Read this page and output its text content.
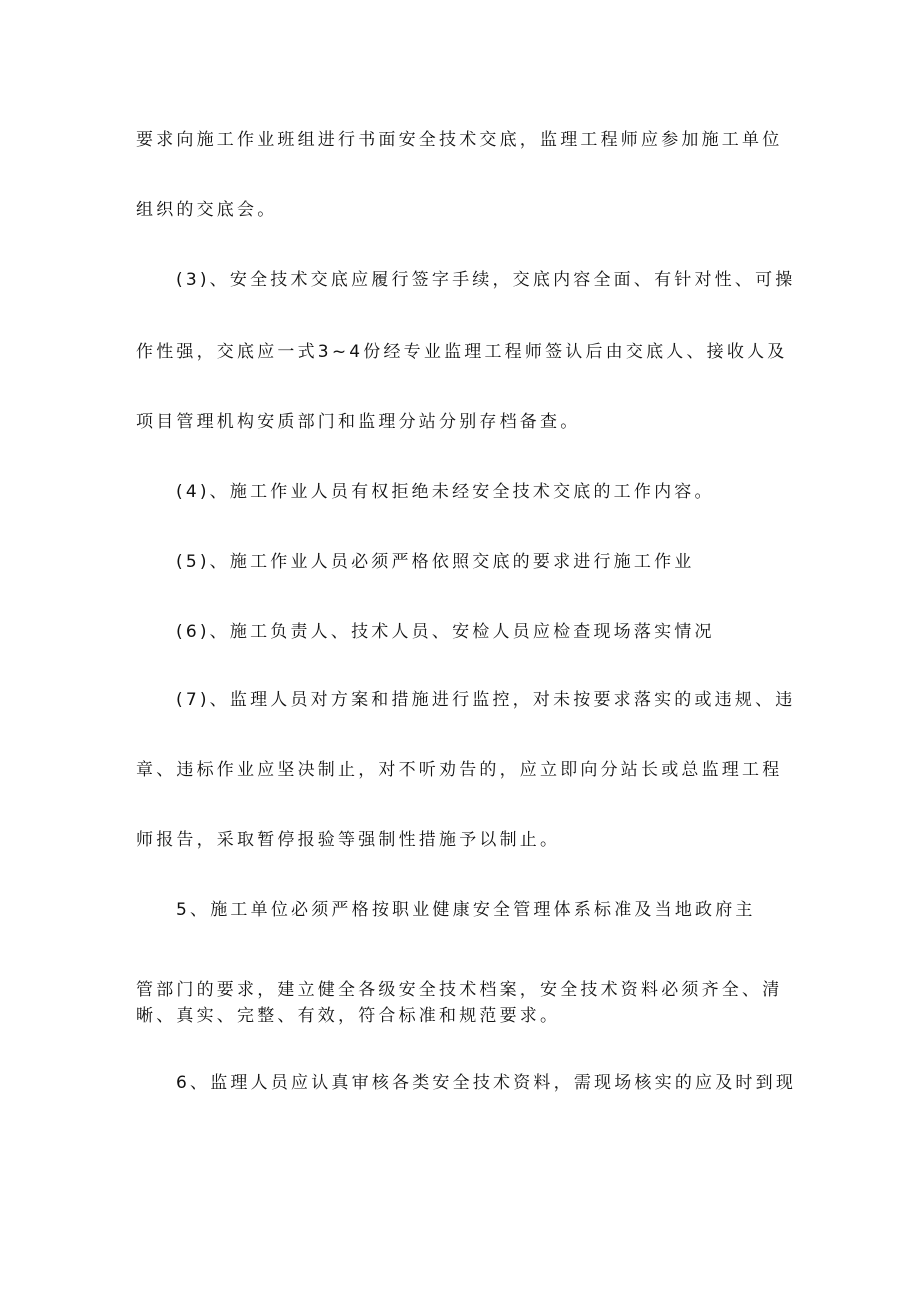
要求向施工作业班组进行书面安全技术交底，监理工程师应参加施工单位
组织的交底会。
(3)、安全技术交底应履行签字手续，交底内容全面、有针对性、可操
作性强，交底应一式3~4份经专业监理工程师签认后由交底人、接收人及
项目管理机构安质部门和监理分站分别存档备查。
(4)、施工作业人员有权拒绝未经安全技术交底的工作内容。
(5)、施工作业人员必须严格依照交底的要求进行施工作业
(6)、施工负责人、技术人员、安检人员应检查现场落实情况
(7)、监理人员对方案和措施进行监控，对未按要求落实的或违规、违
章、违标作业应坚决制止，对不听劝告的，应立即向分站长或总监理工程
师报告，采取暂停报验等强制性措施予以制止。
5、施工单位必须严格按职业健康安全管理体系标准及当地政府主
管部门的要求，建立健全各级安全技术档案，安全技术资料必须齐全、清
晰、真实、完整、有效，符合标准和规范要求。
6、监理人员应认真审核各类安全技术资料，需现场核实的应及时到现
